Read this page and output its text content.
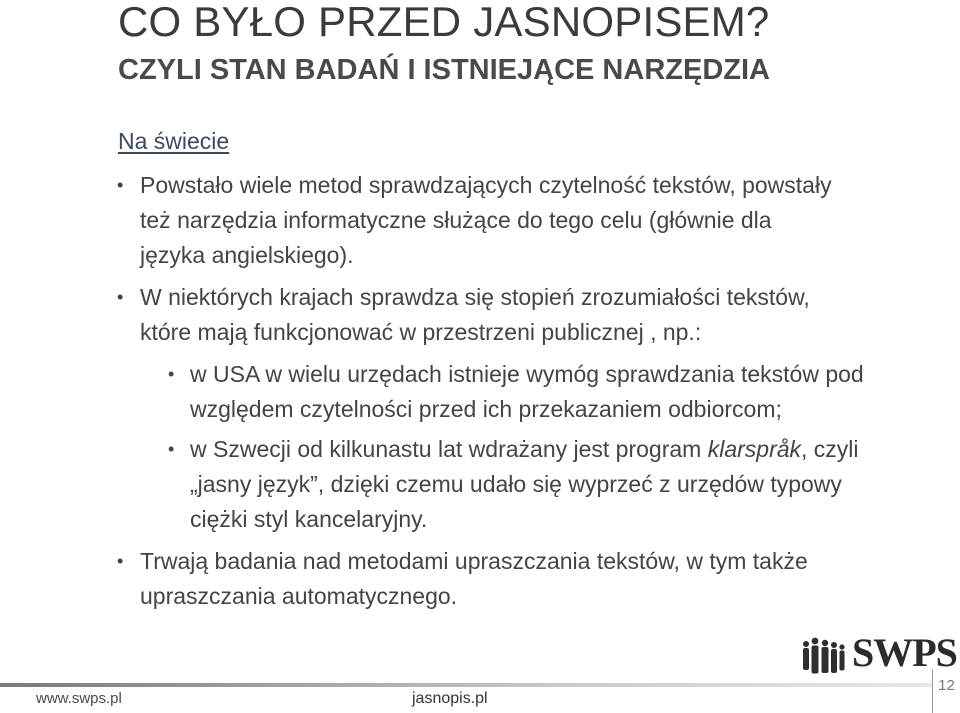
CO BYŁO PRZED JASNOPISEM?
CZYLI STAN BADAŃ I ISTNIEJĄCE NARZĘDZIA
Na świecie
• Powstało wiele metod sprawdzających czytelność tekstów, powstały też narzędzia informatyczne służące do tego celu (głównie dla języka angielskiego).
• W niektórych krajach sprawdza się stopień zrozumiałości tekstów, które mają funkcjonować w przestrzeni publicznej , np.:
• w USA w wielu urzędach istnieje wymóg sprawdzania tekstów pod względem czytelności przed ich przekazaniem odbiorcom;
• w Szwecji od kilkunastu lat wdrażany jest program klarspråk, czyli „jasny język”, dzięki czemu udało się wyprzeć z urzędów typowy ciężki styl kancelaryjny.
• Trwają badania nad metodami upraszczania tekstów, w tym także upraszczania automatycznego.
SWPS
www.swps.pl	jasnopis.pl
12
